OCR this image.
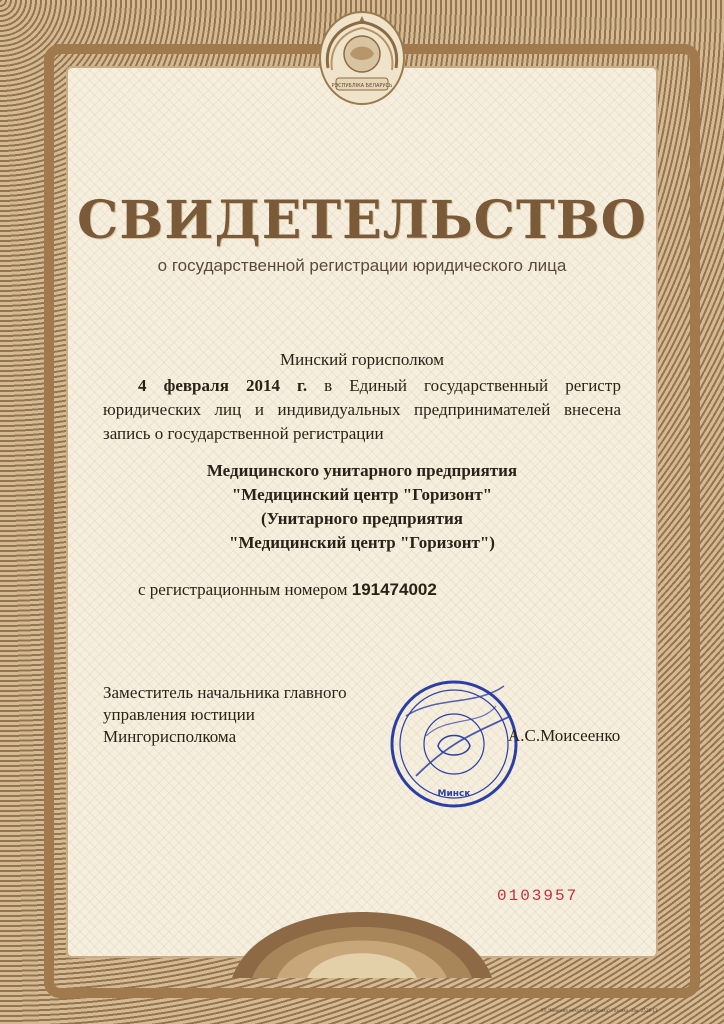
РЭСПУБЛІКА БЕЛАРУСЬ
СВИДЕТЕЛЬСТВО
о государственной регистрации юридического лица
Минский горисполком
4 февраля 2014 г. в Единый государственный регистр юридических лиц и индивидуальных предпринимателей внесена запись о государственной регистрации
Медицинского унитарного предприятия
"Медицинский центр "Горизонт"
(Унитарного предприятия
"Медицинский центр "Горизонт")
с регистрационным номером 191474002
Заместитель начальника главного
управления юстиции
Мингорисполкома
Минск
А.С.Моисеенко
0103957
УП "Минская печатная фабрика" Гознака. Зак. 2539-13
